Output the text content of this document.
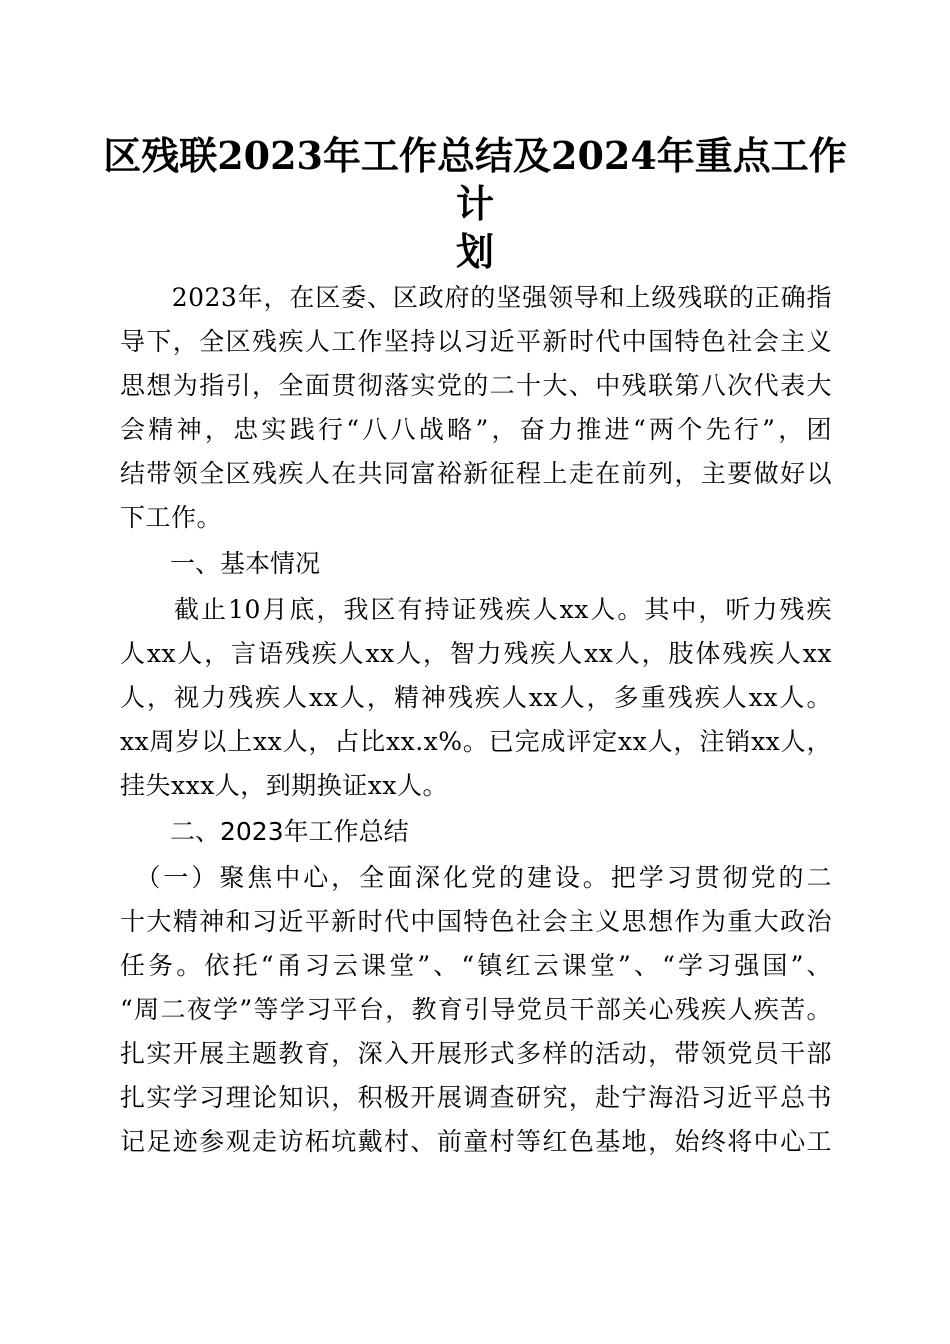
区残联2023年工作总结及2024年重点工作计
划
　　2023年，在区委、区政府的坚强领导和上级残联的正确指
导下，全区残疾人工作坚持以习近平新时代中国特色社会主义
思想为指引，全面贯彻落实党的二十大、中残联第八次代表大
会精神，忠实践行“八八战略”，奋力推进“两个先行”，团
结带领全区残疾人在共同富裕新征程上走在前列，主要做好以
下工作。
一、基本情况
　　截止10月底，我区有持证残疾人xx人。其中，听力残疾
人xx人，言语残疾人xx人，智力残疾人xx人，肢体残疾人xx
人，视力残疾人xx人，精神残疾人xx人，多重残疾人xx人。
xx周岁以上xx人，占比xx.x%。已完成评定xx人，注销xx人，
挂失xxx人，到期换证xx人。
二、2023年工作总结
　（一）聚焦中心，全面深化党的建设。把学习贯彻党的二
十大精神和习近平新时代中国特色社会主义思想作为重大政治
任务。依托“甬习云课堂”、“镇红云课堂”、“学习强国”、
“周二夜学”等学习平台，教育引导党员干部关心残疾人疾苦。
扎实开展主题教育，深入开展形式多样的活动，带领党员干部
扎实学习理论知识，积极开展调查研究，赴宁海沿习近平总书
记足迹参观走访柘坑戴村、前童村等红色基地，始终将中心工
